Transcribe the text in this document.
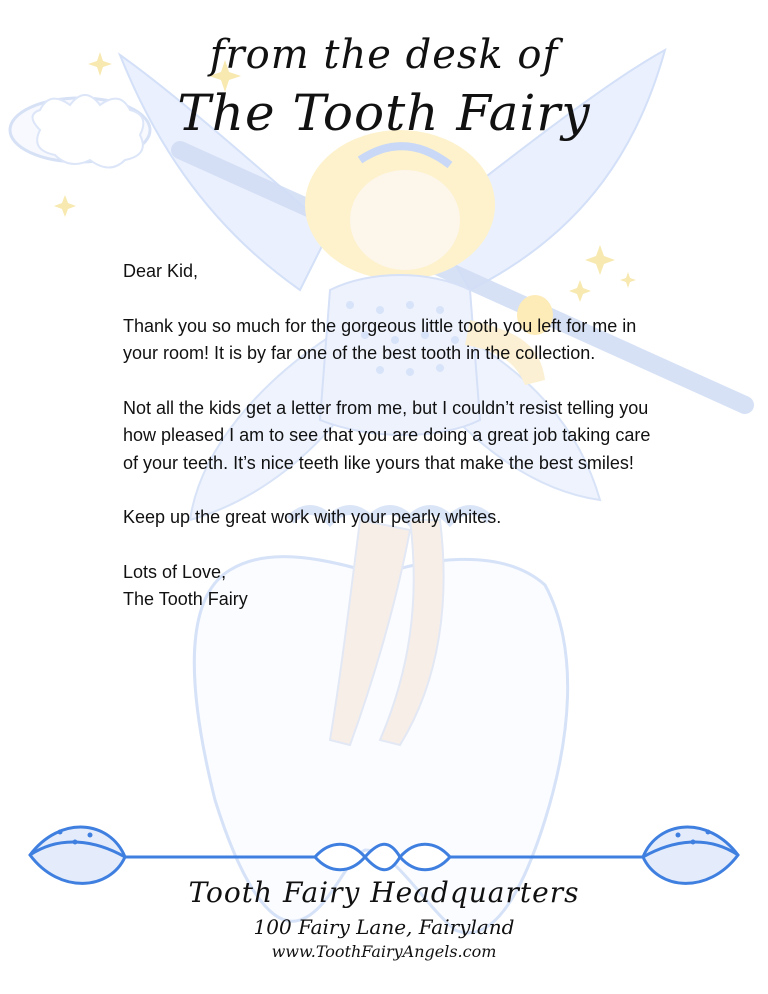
from the desk of
The Tooth Fairy

Dear Kid,

Thank you so much for the gorgeous little tooth you left for me in your room! It is by far one of the best tooth in the collection.

Not all the kids get a letter from me, but I couldn’t resist telling you how pleased I am to see that you are doing a great job taking care of your teeth. It’s nice teeth like yours that make the best smiles!

Keep up the great work with your pearly whites.

Lots of Love,

The Tooth Fairy

Tooth Fairy Headquarters
100 Fairy Lane, Fairyland
www.ToothFairyAngels.com
